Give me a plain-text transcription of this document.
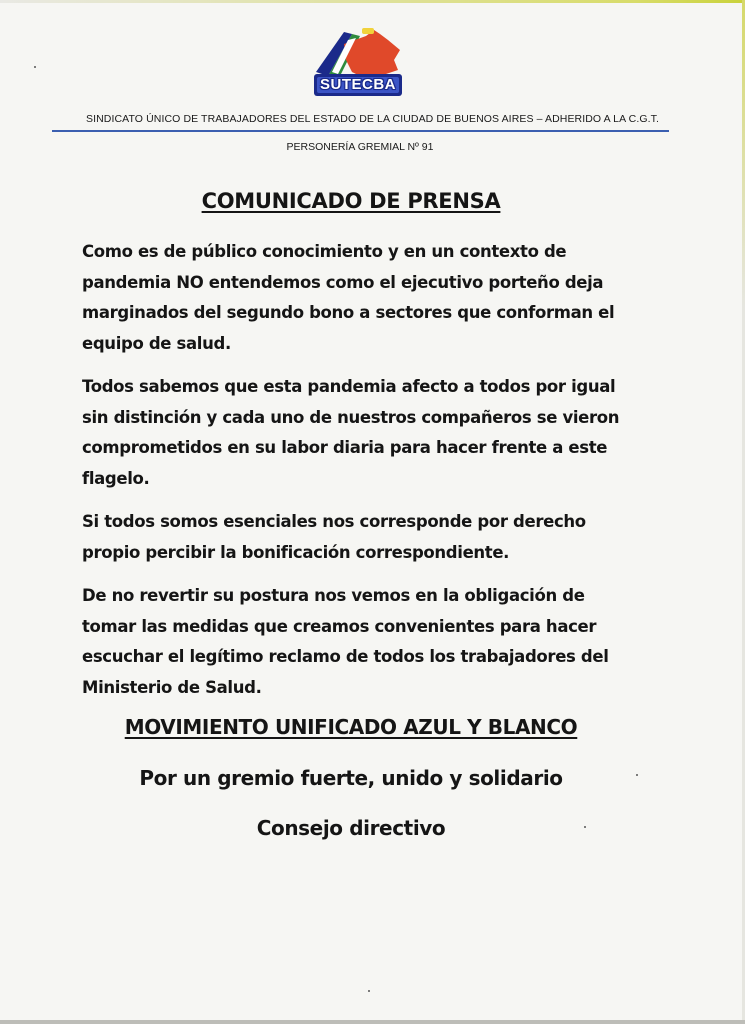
SUTECBA
SINDICATO ÚNICO DE TRABAJADORES DEL ESTADO DE LA CIUDAD DE BUENOS AIRES – ADHERIDO A LA C.G.T.
PERSONERÍA GREMIAL Nº 91
COMUNICADO DE PRENSA

Como es de público conocimiento y en un contexto de pandemia NO entendemos como el ejecutivo porteño deja marginados del segundo bono a sectores que conforman el equipo de salud.

Todos sabemos que esta pandemia afecto a todos por igual sin distinción y cada uno de nuestros compañeros se vieron comprometidos en su labor diaria para hacer frente a este flagelo.

Si todos somos esenciales nos corresponde por derecho propio percibir la bonificación correspondiente.

De no revertir su postura nos vemos en la obligación de tomar las medidas que creamos convenientes para hacer escuchar el legítimo reclamo de todos los trabajadores del Ministerio de Salud.

MOVIMIENTO UNIFICADO AZUL Y BLANCO
Por un gremio fuerte, unido y solidario
Consejo directivo
